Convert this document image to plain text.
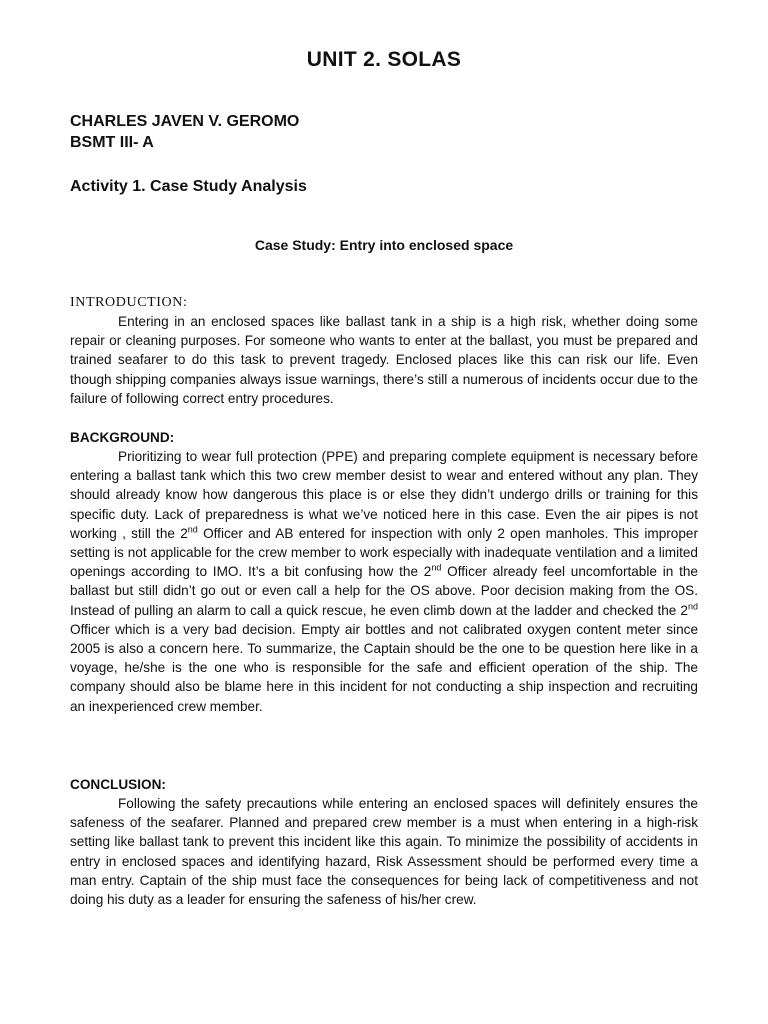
UNIT 2. SOLAS
CHARLES JAVEN V. GEROMO
BSMT III- A
Activity 1. Case Study Analysis
Case Study: Entry into enclosed space
INTRODUCTION:

Entering in an enclosed spaces like ballast tank in a ship is a high risk, whether doing some repair or cleaning purposes. For someone who wants to enter at the ballast, you must be prepared and trained seafarer to do this task to prevent tragedy. Enclosed places like this can risk our life. Even though shipping companies always issue warnings, there’s still a numerous of incidents occur due to the failure of following correct entry procedures.

BACKGROUND:

Prioritizing to wear full protection (PPE) and preparing complete equipment is necessary before entering a ballast tank which this two crew member desist to wear and entered without any plan. They should already know how dangerous this place is or else they didn’t undergo drills or training for this specific duty. Lack of preparedness is what we’ve noticed here in this case. Even the air pipes is not working , still the 2nd Officer and AB entered for inspection with only 2 open manholes. This improper setting is not applicable for the crew member to work especially with inadequate ventilation and a limited openings according to IMO. It’s a bit confusing how the 2nd Officer already feel uncomfortable in the ballast but still didn’t go out or even call a help for the OS above. Poor decision making from the OS. Instead of pulling an alarm to call a quick rescue, he even climb down at the ladder and checked the 2nd Officer which is a very bad decision. Empty air bottles and not calibrated oxygen content meter since 2005 is also a concern here. To summarize, the Captain should be the one to be question here like in a voyage, he/she is the one who is responsible for the safe and efficient operation of the ship. The company should also be blame here in this incident for not conducting a ship inspection and recruiting an inexperienced crew member.

CONCLUSION:

Following the safety precautions while entering an enclosed spaces will definitely ensures the safeness of the seafarer. Planned and prepared crew member is a must when entering in a high-risk setting like ballast tank to prevent this incident like this again. To minimize the possibility of accidents in entry in enclosed spaces and identifying hazard, Risk Assessment should be performed every time a man entry. Captain of the ship must face the consequences for being lack of competitiveness and not doing his duty as a leader for ensuring the safeness of his/her crew.
